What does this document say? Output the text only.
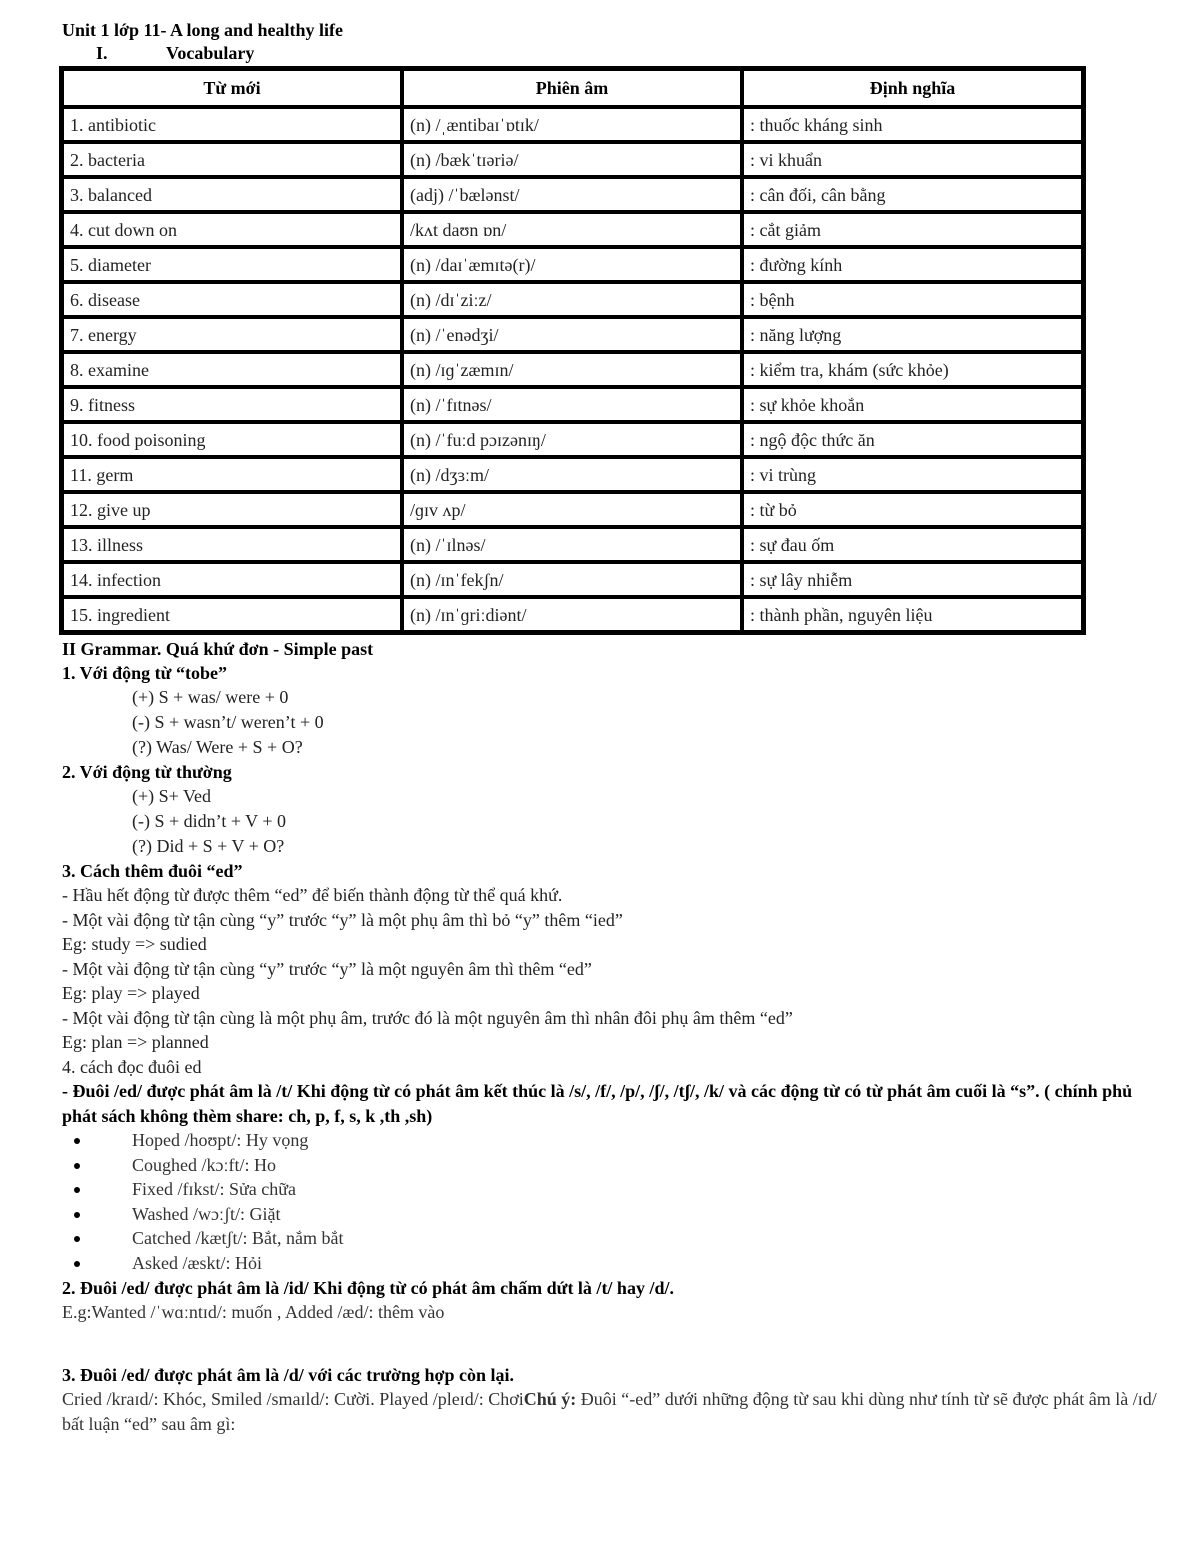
Unit 1 lớp 11- A long and healthy life

I.	Vocabulary

Từ mới	Phiên âm	Định nghĩa
1. antibiotic	(n) /ˌæntibaɪˈɒtɪk/	: thuốc kháng sinh
2. bacteria	(n) /bækˈtɪəriə/	: vi khuẩn
3. balanced	(adj) /ˈbælənst/	: cân đối, cân bằng
4. cut down on	/kʌt daʊn ɒn/	: cắt giảm
5. diameter	(n) /daɪˈæmɪtə(r)/	: đường kính
6. disease	(n) /dɪˈziːz/	: bệnh
7. energy	(n) /ˈenədʒi/	: năng lượng
8. examine	(n) /ɪɡˈzæmɪn/	: kiểm tra, khám (sức khỏe)
9. fitness	(n) /ˈfɪtnəs/	: sự khỏe khoắn
10. food poisoning	(n) /ˈfuːd pɔɪzənɪŋ/	: ngộ độc thức ăn
11. germ	(n) /dʒɜːm/	: vi trùng
12. give up	/ɡɪv ʌp/	: từ bỏ
13. illness	(n) /ˈɪlnəs/	: sự đau ốm
14. infection	(n) /ɪnˈfekʃn/	: sự lây nhiễm
15. ingredient	(n) /ɪnˈɡriːdiənt/	: thành phần, nguyên liệu

II Grammar. Quá khứ đơn - Simple past

1. Với động từ “tobe”

(+) S + was/ were + 0

(-) S + wasn’t/ weren’t + 0

(?) Was/ Were + S + O?

2. Với động từ thường

(+) S+ Ved

(-) S + didn’t + V + 0

(?) Did + S + V + O?

3. Cách thêm đuôi “ed”

- Hầu hết động từ được thêm “ed” để biến thành động từ thể quá khứ.

- Một vài động từ tận cùng “y” trước “y” là một phụ âm thì bỏ “y” thêm “ied”

Eg: study => sudied

- Một vài động từ tận cùng “y” trước “y” là một nguyên âm thì thêm “ed”

Eg: play => played

- Một vài động từ tận cùng là một phụ âm, trước đó là một nguyên âm thì nhân đôi phụ âm thêm “ed”

Eg: plan => planned

4. cách đọc đuôi ed

- Đuôi /ed/ được phát âm là /t/ Khi động từ có phát âm kết thúc là /s/, /f/, /p/, /ʃ/, /tʃ/, /k/ và các động từ có từ phát âm cuối là “s”. ( chính phủ phát sách không thèm share: ch, p, f, s, k ,th ,sh)

Hoped /hoʊpt/: Hy vọng
Coughed /kɔːft/: Ho
Fixed /fɪkst/: Sửa chữa
Washed /wɔːʃt/: Giặt
Catched /kætʃt/: Bắt, nắm bắt
Asked /æskt/: Hỏi

2. Đuôi /ed/ được phát âm là /id/ Khi động từ có phát âm chấm dứt là /t/ hay /d/.

E.g:Wanted /ˈwɑːntɪd/: muốn , Added /æd/: thêm vào

3. Đuôi /ed/ được phát âm là /d/ với các trường hợp còn lại.

Cried /kraɪd/: Khóc, Smiled /smaɪld/: Cười. Played /pleɪd/: ChơiChú ý: Đuôi “-ed” dưới những động từ sau khi dùng như tính từ sẽ được phát âm là /ɪd/ bất luận “ed” sau âm gì:
